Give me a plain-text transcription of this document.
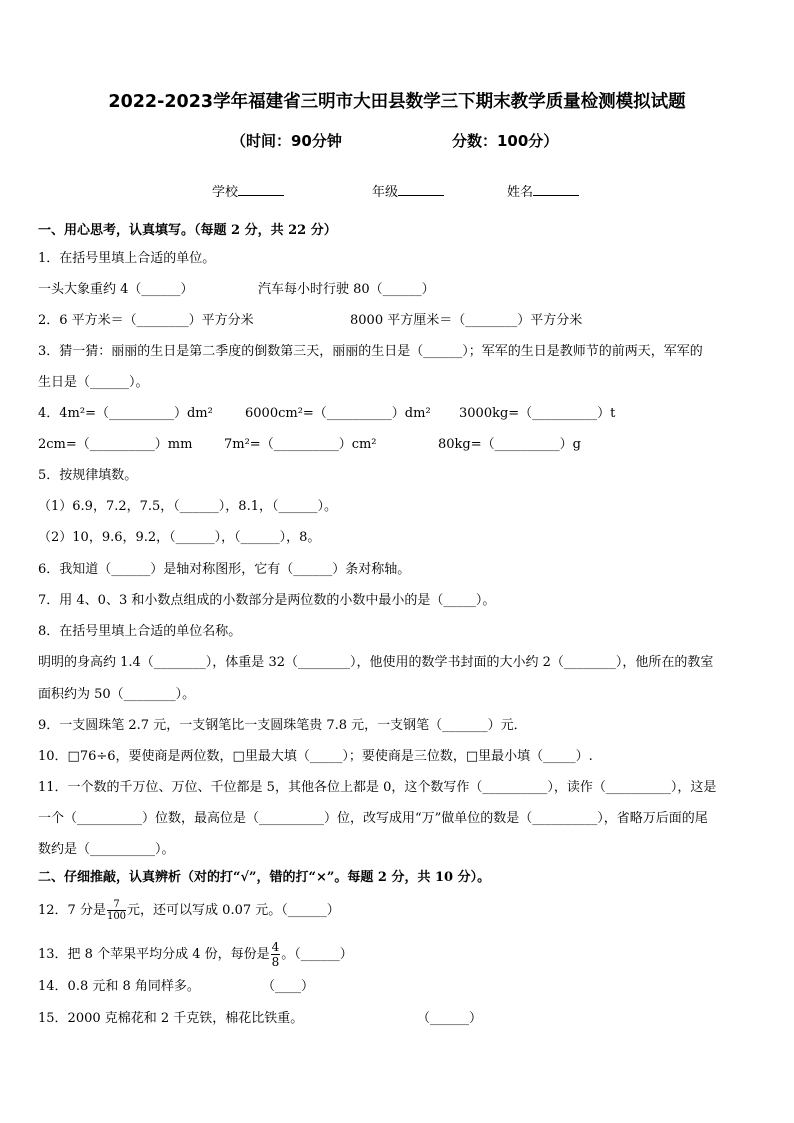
2022-2023学年福建省三明市大田县数学三下期末教学质量检测模拟试题
（时间：90分钟	分数：100分）
学校	年级	姓名
一、用心思考，认真填写。（每题 2 分，共 22 分）
1．在括号里填上合适的单位。
一头大象重约 4（______）	汽车每小时行驶 80（______）
2．6 平方米＝（________）平方分米	8000 平方厘米＝（________）平方分米
3．猜一猜：丽丽的生日是第二季度的倒数第三天，丽丽的生日是（______）；军军的生日是教师节的前两天，军军的
生日是（______）。
4．4m²=（__________）dm² 6000cm²=（__________）dm² 3000kg=（__________）t
2cm=（__________）mm 7m²=（__________）cm²	80kg=（__________）g
5．按规律填数。
（1）6.9，7.2，7.5，（______），8.1，（______）。
（2）10，9.6，9.2，（______），（______），8。
6．我知道（______）是轴对称图形，它有（______）条对称轴。
7．用 4、0、3 和小数点组成的小数部分是两位数的小数中最小的是（_____）。
8．在括号里填上合适的单位名称。
明明的身高约 1.4（________），体重是 32（________），他使用的数学书封面的大小约 2（________），他所在的教室
面积约为 50（________）。
9．一支圆珠笔 2.7 元，一支钢笔比一支圆珠笔贵 7.8 元，一支钢笔（_______）元．
10．□76÷6，要使商是两位数，□里最大填（_____）；要使商是三位数，□里最小填（_____）.
11．一个数的千万位、万位、千位都是 5，其他各位上都是 0，这个数写作（__________），读作（__________），这是
一个（__________）位数，最高位是（__________）位，改写成用“万”做单位的数是（__________），省略万后面的尾
数约是（__________）。
二、仔细推敲，认真辨析（对的打“√”，错的打“×”。每题 2 分，共 10 分）。
12．7 分是 $\frac{7}{100}$ 元，还可以写成 0.07 元。（______）
13．把 8 个苹果平均分成 4 份，每份是 $\frac{4}{8}$ 。（______）
14．0.8 元和 8 角同样多。	（____）
15．2000 克棉花和 2 千克铁，棉花比铁重。	（______）
